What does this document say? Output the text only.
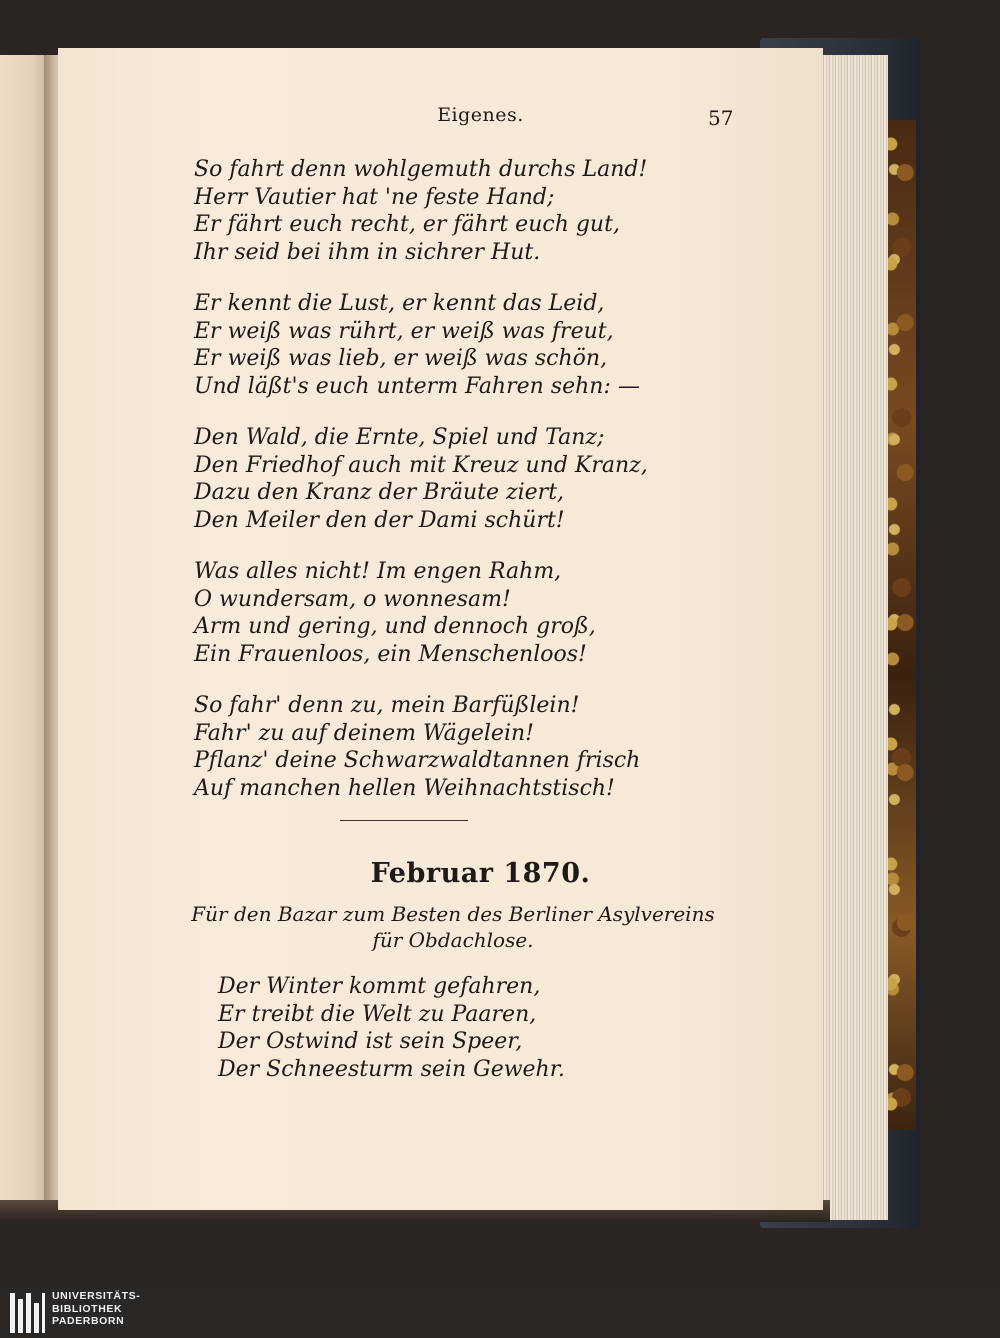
Eigenes.	57
So fahrt denn wohlgemuth durchs Land!
Herr Vautier hat 'ne feste Hand;
Er fährt euch recht, er fährt euch gut,
Ihr seid bei ihm in sichrer Hut.
Er kennt die Lust, er kennt das Leid,
Er weiß was rührt, er weiß was freut,
Er weiß was lieb, er weiß was schön,
Und läßt's euch unterm Fahren sehn: —
Den Wald, die Ernte, Spiel und Tanz;
Den Friedhof auch mit Kreuz und Kranz,
Dazu den Kranz der Bräute ziert,
Den Meiler den der Dami schürt!
Was alles nicht! Im engen Rahm,
O wundersam, o wonnesam!
Arm und gering, und dennoch groß,
Ein Frauenloos, ein Menschenloos!
So fahr' denn zu, mein Barfüßlein!
Fahr' zu auf deinem Wägelein!
Pflanz' deine Schwarzwaldtannen frisch
Auf manchen hellen Weihnachtstisch!
Februar 1870.
Für den Bazar zum Besten des Berliner Asylvereins
für Obdachlose.
Der Winter kommt gefahren,
Er treibt die Welt zu Paaren,
Der Ostwind ist sein Speer,
Der Schneesturm sein Gewehr.
UNIVERSITÄTS-
BIBLIOTHEK
PADERBORN
